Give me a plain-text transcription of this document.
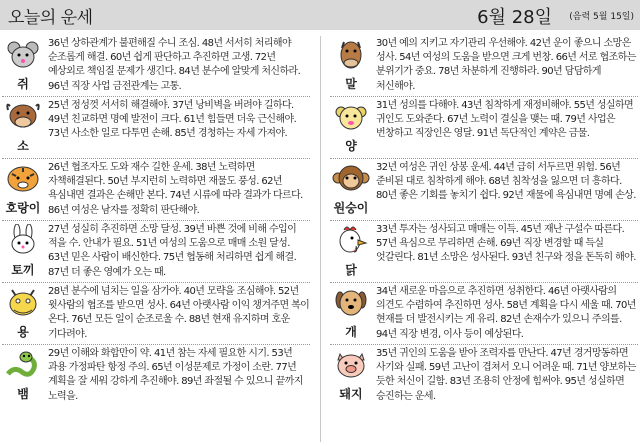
오늘의 운세	6월 28일 (음력 5월 15일)
쥐
36년 상하관계가 불편해질 수니 조심. 48년 서서히 처리해야 순조롭게 해결. 60년 쉽게 판단하고 추진하면 고생. 72년 예상외로 책임질 문제가 생긴다. 84년 분수에 알맞게 처신하라. 96년 직장 사업 금전관계는 고통.
소
25년 정성껏 서서히 해결해야. 37년 낭비벽을 버려야 길하다. 49년 친교하면 명예 발전이 크다. 61년 힘들면 더욱 근신해야. 73년 사소한 일로 다투면 손해. 85년 경청하는 자세 가져야.
호랑이
26년 협조자도 도와 재수 길한 운세. 38년 노력하면 자책해결된다. 50년 부지런히 노력하면 재물도 풍성. 62년 욕심내면 결과은 손해만 본다. 74년 시류에 따라 결과가 다르다. 86년 여성은 남자를 정확히 판단해야.
토끼
27년 성실히 추진하면 소망 달성. 39년 바쁜 것에 비해 수입이 적을 수. 안내가 필요. 51년 여성의 도움으로 매매 소원 달성. 63년 믿은 사람이 배신한다. 75년 협동해 처리하면 쉽게 해결. 87년 더 좋은 영예가 오는 때.
용
28년 분수에 넘치는 일을 삼가야. 40년 모략을 조심해야. 52년 윗사람의 협조를 받으면 성사. 64년 아랫사람 이익 챙겨주면 복이 온다. 76년 모든 일이 순조로울 수. 88년 현재 유지하며 호운 기다려야.
뱀
29년 이해와 화합만이 약. 41년 참는 자세 필요한 시기. 53년 과용 가정파탄 항정 주의. 65년 이성문제로 가정이 소란. 77년 계획을 잘 세워 강하게 추진해야. 89년 좌절될 수 있으니 끝까지 노력을.
말
30년 예의 지키고 자기관리 우선해야. 42년 운이 좋으니 소망은 성사. 54년 여성의 도움을 받으면 크게 번창. 66년 서로 협조하는 분위기가 중요. 78년 차분하게 진행하라. 90년 담담하게 처신해야.
양
31년 성의를 다해야. 43년 침착하게 재정비해야. 55년 성실하면 귀인도 도와준다. 67년 노력이 결실을 맺는 때. 79년 사업은 번창하고 직장인은 영달. 91년 독단적인 계약은 금물.
원숭이
32년 여성은 귀인 상봉 운세. 44년 급히 서두르면 위험. 56년 준비된 대로 침착하게 해야. 68년 침착성을 잃으면 더 흥하다. 80년 좋은 기회를 놓치기 쉽다. 92년 재물에 욕심내면 명예 손상.
닭
33년 투자는 성사되고 매매는 이득. 45년 재난 구설수 따른다. 57년 욕심으로 무리하면 손해. 69년 직장 변경할 때 득실 엇갈린다. 81년 소망은 성사된다. 93년 친구와 정을 돈독히 해야.
개
34년 새로운 마음으로 추진하면 성취한다. 46년 아랫사람의 의견도 수렴하여 추진하면 성사. 58년 계획을 다시 세울 때. 70년 현재를 더 발전시키는 게 유리. 82년 손재수가 있으니 주의를. 94년 직장 변경, 이사 등이 예상된다.
돼지
35년 귀인의 도움을 받아 조력자를 만난다. 47년 경거망동하면 사기와 실패. 59년 고난이 겹쳐서 오니 어려운 때. 71년 양보하는 듯한 처신이 길함. 83년 조용히 안정에 힘써야. 95년 성실하면 승진하는 운세.
